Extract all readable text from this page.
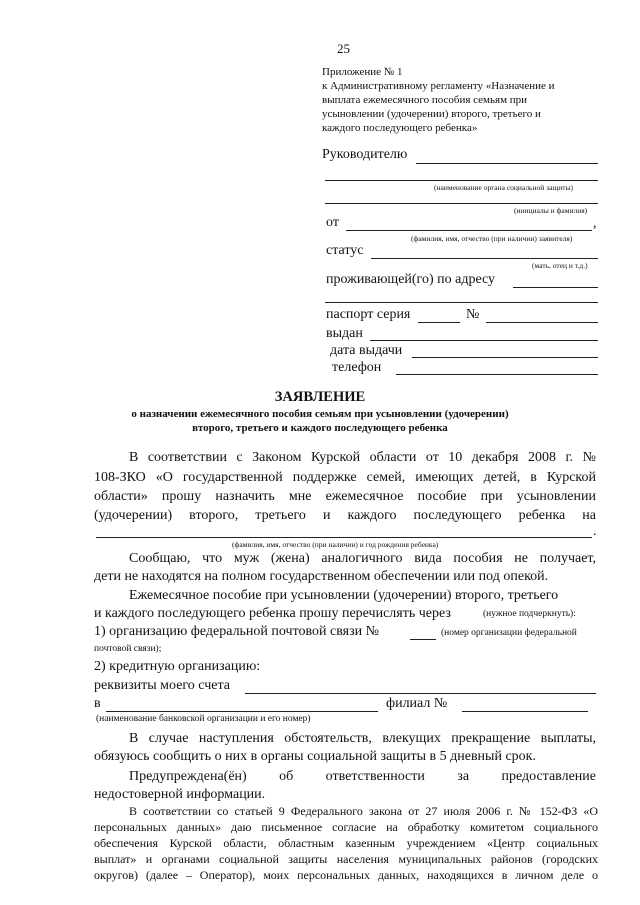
25
Приложение № 1
к Административному регламенту «Назначение и
выплата ежемесячного пособия семьям при
усыновлении (удочерении) второго, третьего и
каждого последующего ребенка»
Руководителю
(наименование органа социальной защиты)
(инициалы и фамилия)
от	,
(фамилия, имя, отчество (при наличии) заявителя)
статус
(мать, отец и т.д.)
проживающей(го) по адресу
паспорт серия	№
выдан
дата выдачи
телефон
ЗАЯВЛЕНИЕ
о назначении ежемесячного пособия семьям при усыновлении (удочерении)
второго, третьего и каждого последующего ребенка
В соответствии с Законом Курской области от 10 декабря 2008 г. №
108-ЗКО «О государственной поддержке семей, имеющих детей, в Курской
области» прошу назначить мне ежемесячное пособие при усыновлении
(удочерении) второго, третьего и каждого последующего ребенка на
.
(фамилия, имя, отчество (при наличии) и год рождения ребенка)
Сообщаю, что муж (жена) аналогичного вида пособия не получает,
дети не находятся на полном государственном обеспечении или под опекой.
Ежемесячное пособие при усыновлении (удочерении) второго, третьего
и каждого последующего ребенка прошу перечислять через	(нужное подчеркнуть):
1) организацию федеральной почтовой связи №	(номер организации федеральной
почтовой связи);
2) кредитную организацию:
реквизиты моего счета
в	филиал №
(наименование банковской организации и его номер)
В случае наступления обстоятельств, влекущих прекращение выплаты,
обязуюсь сообщить о них в органы социальной защиты в 5 дневный срок.
Предупреждена(ён) об ответственности за предоставление
недостоверной информации.
В соответствии со статьей 9 Федерального закона от 27 июля 2006 г. № 152-ФЗ «О
персональных данных» даю письменное согласие на обработку комитетом социального
обеспечения Курской области, областным казенным учреждением «Центр социальных
выплат» и органами социальной защиты населения муниципальных районов (городских
округов) (далее – Оператор), моих персональных данных, находящихся в личном деле о
